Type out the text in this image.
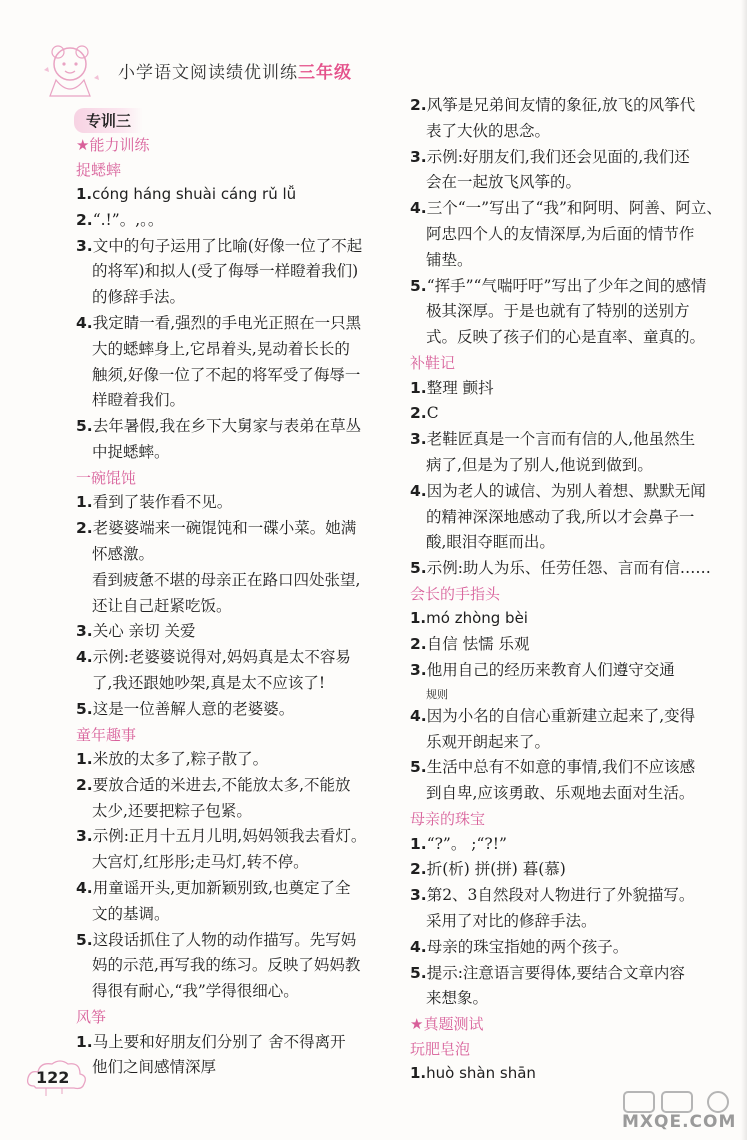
小学语文阅读绩优训练三年级
专训三
★能力训练
捉蟋蟀
1.cóng háng shuài cáng rǔ lǚ
2.“.!”。,。。
3.文中的句子运用了比喻(好像一位了不起
的将军)和拟人(受了侮辱一样瞪着我们)
的修辞手法。
4.我定睛一看,强烈的手电光正照在一只黑
大的蟋蟀身上,它昂着头,晃动着长长的
触须,好像一位了不起的将军受了侮辱一
样瞪着我们。
5.去年暑假,我在乡下大舅家与表弟在草丛
中捉蟋蟀。
一碗馄饨
1.看到了装作看不见。
2.老婆婆端来一碗馄饨和一碟小菜。她满
怀感激。
看到疲惫不堪的母亲正在路口四处张望,
还让自己赶紧吃饭。
3.关心 亲切 关爱
4.示例:老婆婆说得对,妈妈真是太不容易
了,我还跟她吵架,真是太不应该了!
5.这是一位善解人意的老婆婆。
童年趣事
1.米放的太多了,粽子散了。
2.要放合适的米进去,不能放太多,不能放
太少,还要把粽子包紧。
3.示例:正月十五月儿明,妈妈领我去看灯。
大宫灯,红彤彤;走马灯,转不停。
4.用童谣开头,更加新颖别致,也奠定了全
文的基调。
5.这段话抓住了人物的动作描写。先写妈
妈的示范,再写我的练习。反映了妈妈教
得很有耐心,“我”学得很细心。
风筝
1.马上要和好朋友们分别了 舍不得离开
他们之间感情深厚
2.风筝是兄弟间友情的象征,放飞的风筝代
表了大伙的思念。
3.示例:好朋友们,我们还会见面的,我们还
会在一起放飞风筝的。
4.三个“一”写出了“我”和阿明、阿善、阿立、
阿忠四个人的友情深厚,为后面的情节作
铺垫。
5.“挥手”“气喘吁吁”写出了少年之间的感情
极其深厚。于是也就有了特别的送别方
式。反映了孩子们的心是直率、童真的。
补鞋记
1.整理 颤抖
2.C
3.老鞋匠真是一个言而有信的人,他虽然生
病了,但是为了别人,他说到做到。
4.因为老人的诚信、为别人着想、默默无闻
的精神深深地感动了我,所以才会鼻子一
酸,眼泪夺眶而出。
5.示例:助人为乐、任劳任怨、言而有信……
会长的手指头
1.mó zhòng bèi
2.自信 怯懦 乐观
3.他用自己的经历来教育人们遵守交通
规则
4.因为小名的自信心重新建立起来了,变得
乐观开朗起来了。
5.生活中总有不如意的事情,我们不应该感
到自卑,应该勇敢、乐观地去面对生活。
母亲的珠宝
1.“?”。 ;“?!”
2.折(析) 拼(拼) 暮(慕)
3.第2、3自然段对人物进行了外貌描写。
采用了对比的修辞手法。
4.母亲的珠宝指她的两个孩子。
5.提示:注意语言要得体,要结合文章内容
来想象。
★真题测试
玩肥皂泡
1.huò shàn shān
122
MXQE.COM
